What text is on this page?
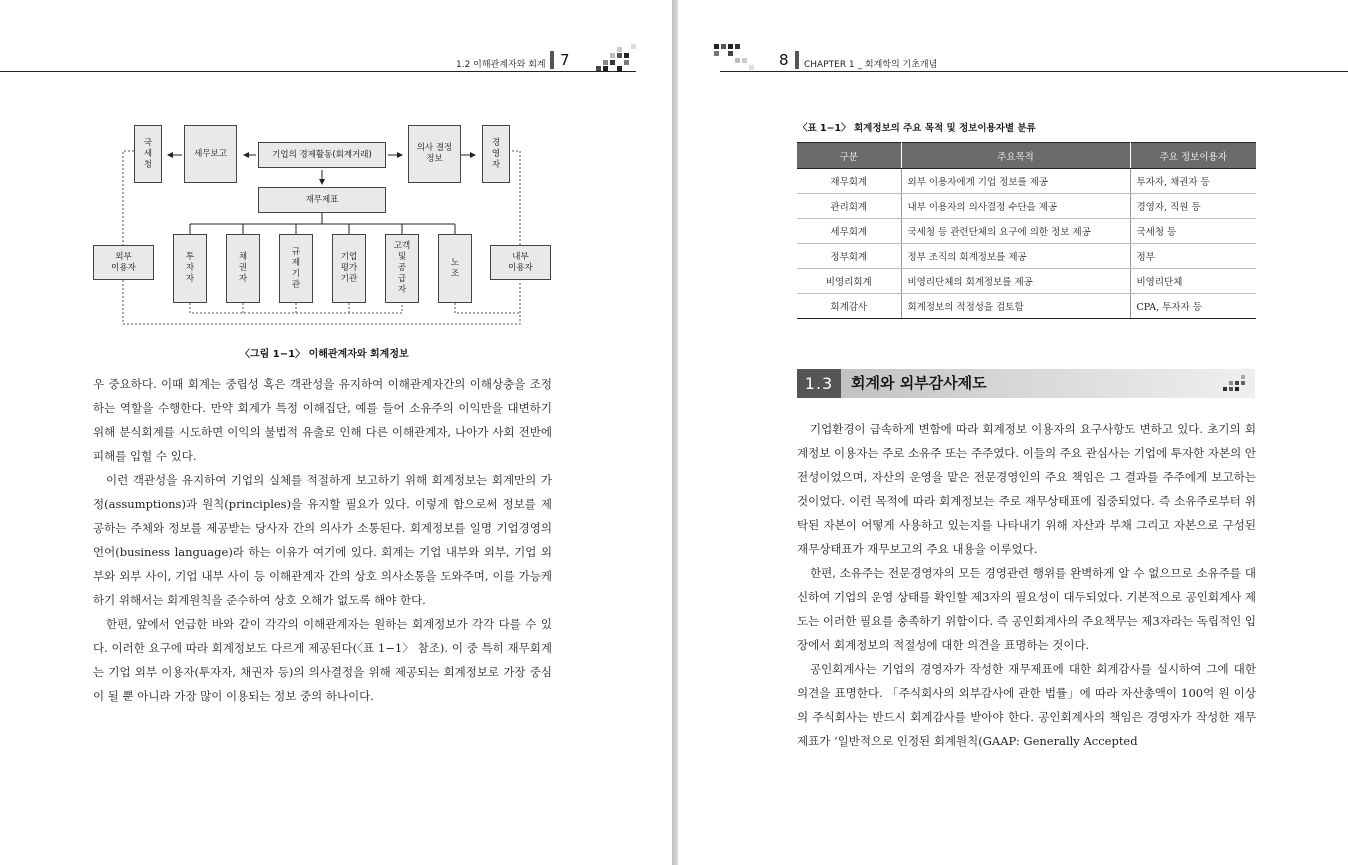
1.2 이해관계자와 회계 7
국
세
청
세무보고	기업의 경제활동(회계거래)
의사 결정
정보
경
영
자
재무제표
외부
이용자
내부
이용자
투
자
자
채
권
자
규
제
기
관
기업
평가
기관
고객
및
공
급
자
노
조
〈그림 1−1〉 이해관계자와 회계정보

우 중요하다. 이때 회계는 중립성 혹은 객관성을 유지하여 이해관계자간의 이해상충을 조정하는 역할을 수행한다. 만약 회계가 특정 이해집단, 예를 들어 소유주의 이익만을 대변하기 위해 분식회계를 시도하면 이익의 불법적 유출로 인해 다른 이해관계자, 나아가 사회 전반에 피해를 입힐 수 있다.

이런 객관성을 유지하여 기업의 실체를 적절하게 보고하기 위해 회계정보는 회계만의 가정(assumptions)과 원칙(principles)을 유지할 필요가 있다. 이렇게 함으로써 정보를 제공하는 주체와 정보를 제공받는 당사자 간의 의사가 소통된다. 회계정보를 일명 기업경영의 언어(business language)라 하는 이유가 여기에 있다. 회계는 기업 내부와 외부, 기업 외부와 외부 사이, 기업 내부 사이 등 이해관계자 간의 상호 의사소통을 도와주며, 이를 가능케 하기 위해서는 회계원칙을 준수하여 상호 오해가 없도록 해야 한다.

한편, 앞에서 언급한 바와 같이 각각의 이해관계자는 원하는 회계정보가 각각 다를 수 있다. 이러한 요구에 따라 회계정보도 다르게 제공된다(〈표 1−1〉 참조). 이 중 특히 재무회계는 기업 외부 이용자(투자자, 채권자 등)의 의사결정을 위해 제공되는 회계정보로 가장 중심이 될 뿐 아니라 가장 많이 이용되는 정보 중의 하나이다.

8 CHAPTER 1 _ 회계학의 기초개념
〈표 1−1〉 회계정보의 주요 목적 및 정보이용자별 분류
구분	주요목적	주요 정보이용자
재무회계	외부 이용자에게 기업 정보를 제공	투자자, 채권자 등
관리회계	내부 이용자의 의사결정 수단을 제공	경영자, 직원 등
세무회계	국세청 등 관련단체의 요구에 의한 정보 제공	국세청 등
정부회계	정부 조직의 회계정보를 제공	정부
비영리회계	비영리단체의 회계정보를 제공	비영리단체
회계감사	회계정보의 적정성을 검토함	CPA, 투자자 등
1.3	회계와 외부감사제도

기업환경이 급속하게 변함에 따라 회계정보 이용자의 요구사항도 변하고 있다. 초기의 회계정보 이용자는 주로 소유주 또는 주주였다. 이들의 주요 관심사는 기업에 투자한 자본의 안전성이었으며, 자산의 운영을 맡은 전문경영인의 주요 책임은 그 결과를 주주에게 보고하는 것이었다. 이런 목적에 따라 회계정보는 주로 재무상태표에 집중되었다. 즉 소유주로부터 위탁된 자본이 어떻게 사용하고 있는지를 나타내기 위해 자산과 부채 그리고 자본으로 구성된 재무상태표가 재무보고의 주요 내용을 이루었다.

한편, 소유주는 전문경영자의 모든 경영관련 행위를 완벽하게 알 수 없으므로 소유주를 대신하여 기업의 운영 상태를 확인할 제3자의 필요성이 대두되었다. 기본적으로 공인회계사 제도는 이러한 필요를 충족하기 위함이다. 즉 공인회계사의 주요책무는 제3자라는 독립적인 입장에서 회계정보의 적절성에 대한 의견을 표명하는 것이다.

공인회계사는 기업의 경영자가 작성한 재무제표에 대한 회계감사를 실시하여 그에 대한 의견을 표명한다. 「주식회사의 외부감사에 관한 법률」에 따라 자산총액이 100억 원 이상의 주식회사는 반드시 회계감사를 받아야 한다. 공인회계사의 책임은 경영자가 작성한 재무제표가 ‘일반적으로 인정된 회계원칙(GAAP: Generally Accepted
